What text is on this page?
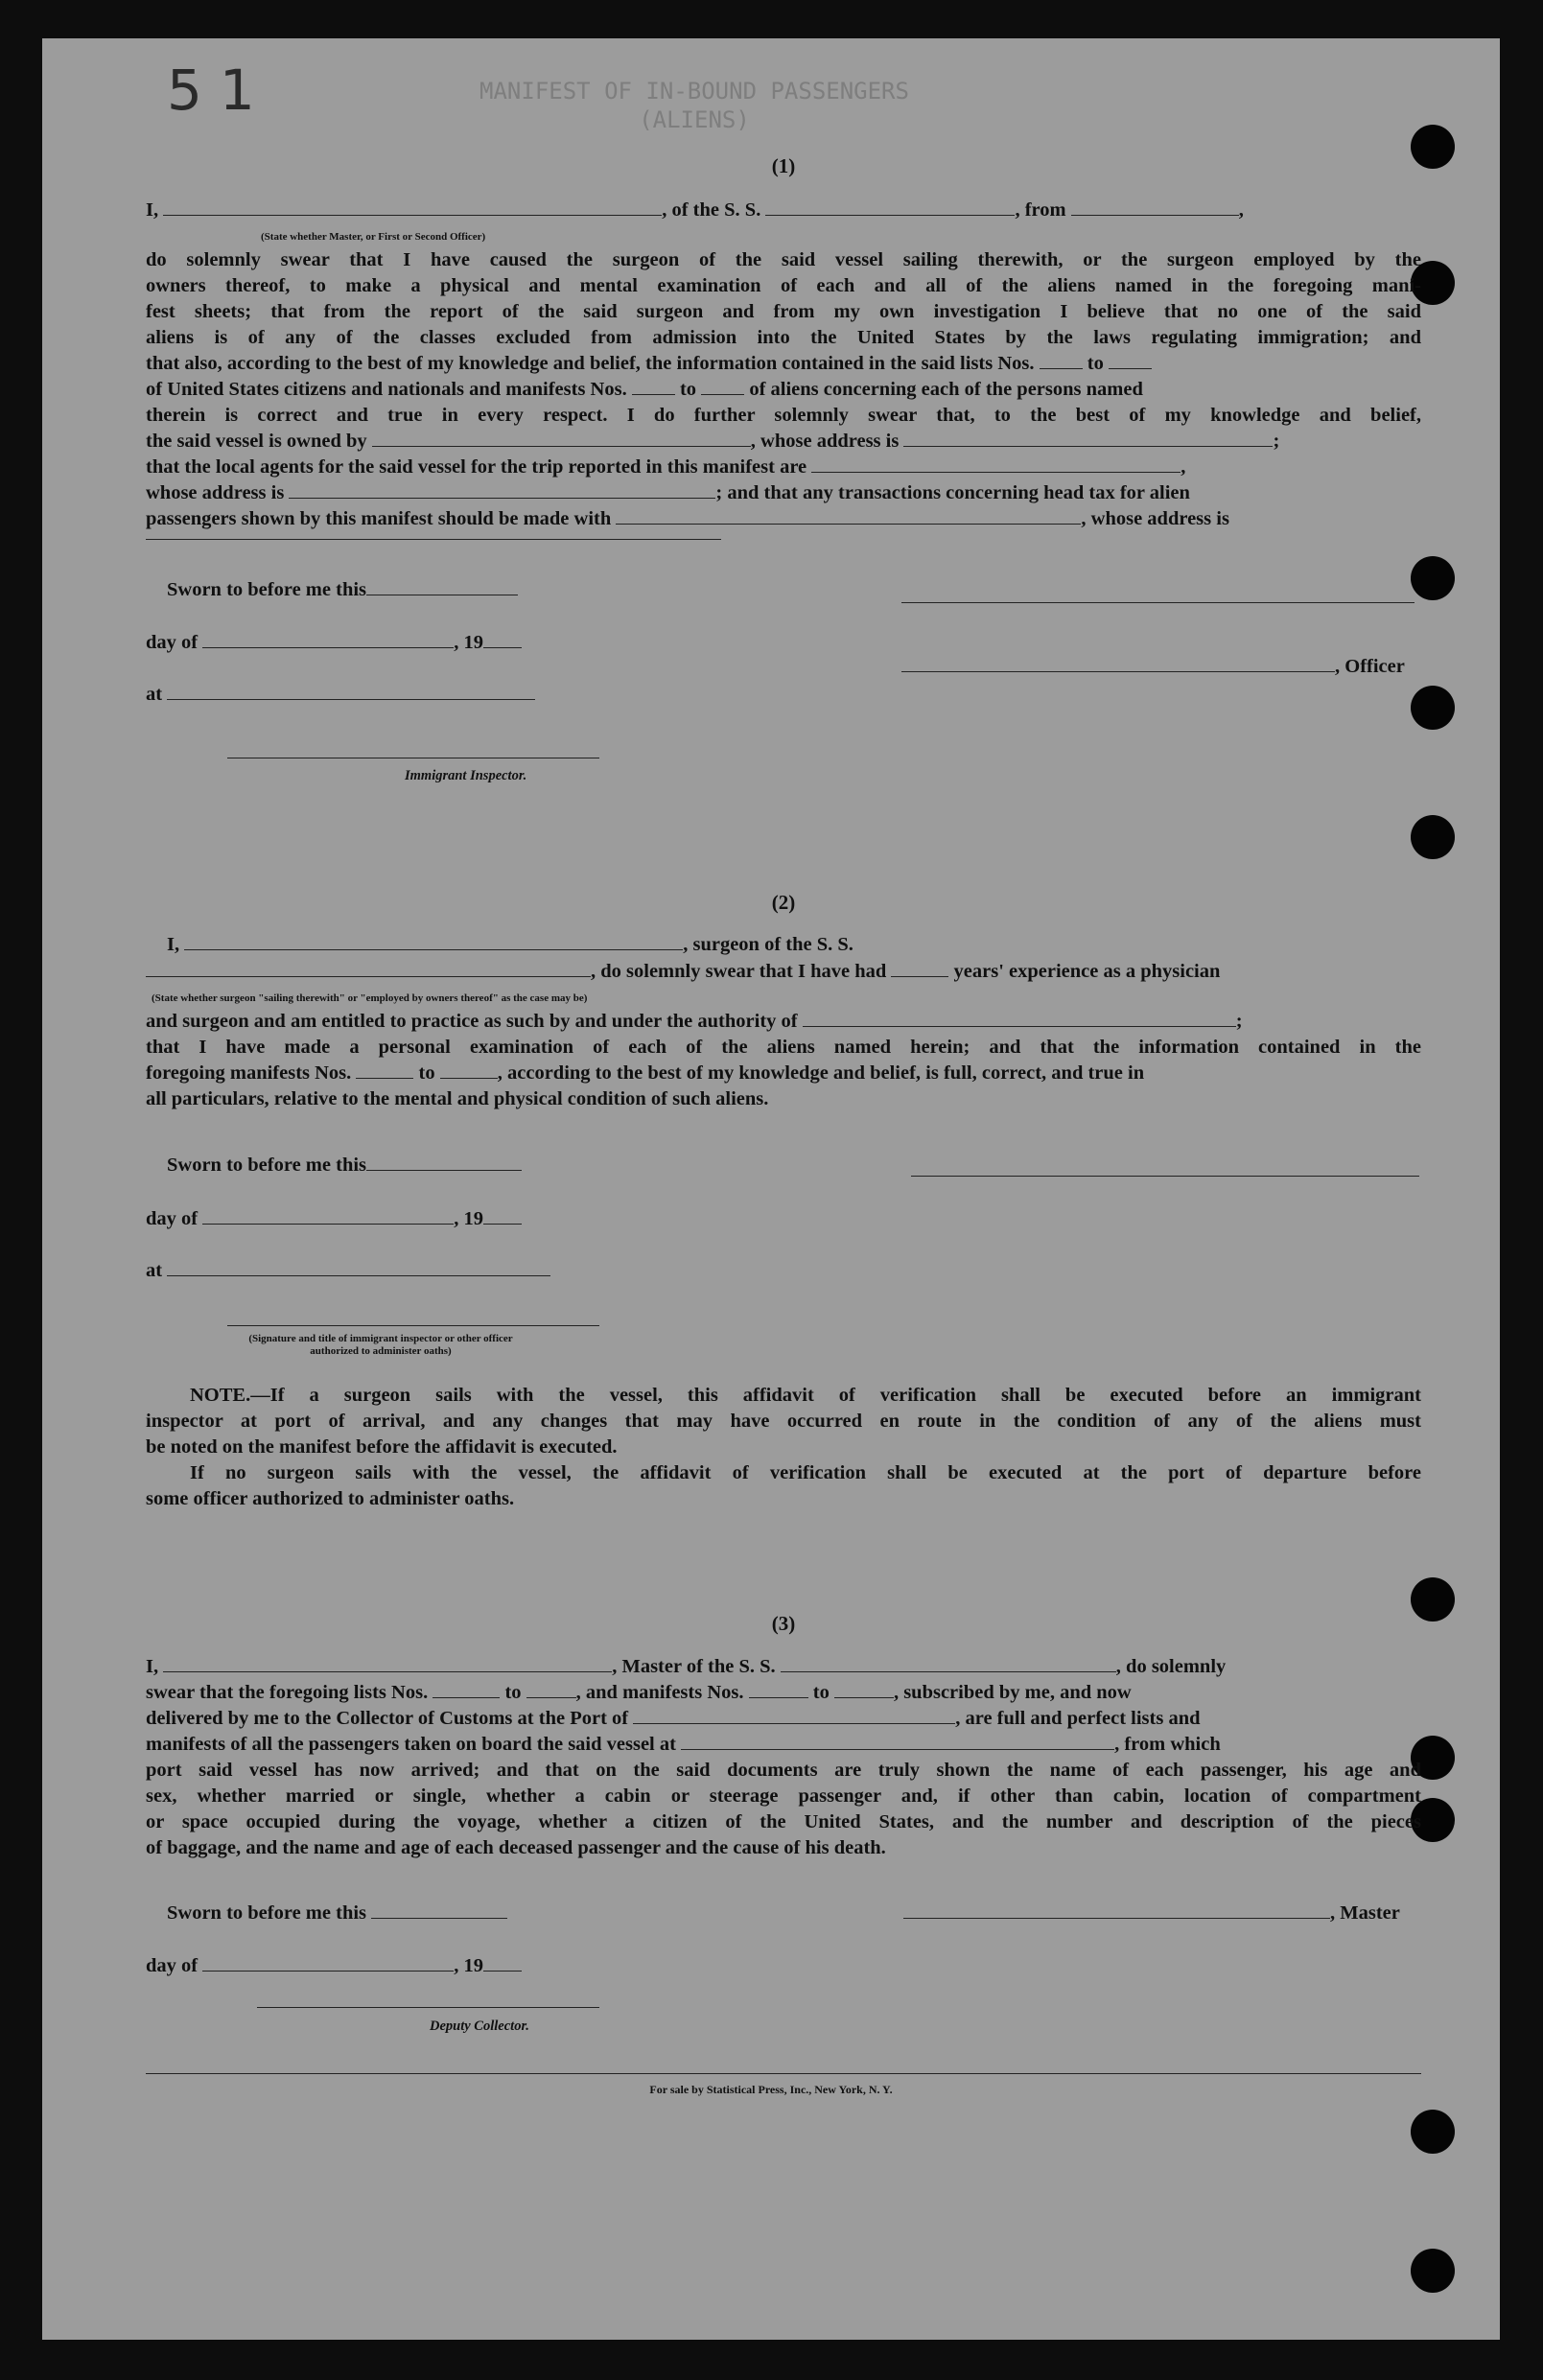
51	MANIFEST OF IN-BOUND PASSENGERS (ALIENS)
(1)
I,	, of the S. S.	, from	,
(State whether Master, or First or Second Officer)
do solemnly swear that I have caused the surgeon of the said vessel sailing therewith, or the surgeon employed by the
owners thereof, to make a physical and mental examination of each and all of the aliens named in the foregoing mani-
fest sheets; that from the report of the said surgeon and from my own investigation I believe that no one of the said
aliens is of any of the classes excluded from admission into the United States by the laws regulating immigration; and
that also, according to the best of my knowledge and belief, the information contained in the said lists Nos.	to
of United States citizens and nationals and manifests Nos.	to	of aliens concerning each of the persons named
therein is correct and true in every respect. I do further solemnly swear that, to the best of my knowledge and belief,
the said vessel is owned by	, whose address is	;
that the local agents for the said vessel for the trip reported in this manifest are	,
whose address is	; and that any transactions concerning head tax for alien
passengers shown by this manifest should be made with	, whose address is
Sworn to before me this
day of	, 19
, Officer
at
Immigrant Inspector.
(2)
I,	, surgeon of the S. S.
, do solemnly swear that I have had	years' experience as a physician
(State whether surgeon "sailing therewith" or "employed by owners thereof" as the case may be)
and surgeon and am entitled to practice as such by and under the authority of	;
that I have made a personal examination of each of the aliens named herein; and that the information contained in the
foregoing manifests Nos.	to	, according to the best of my knowledge and belief, is full, correct, and true in
all particulars, relative to the mental and physical condition of such aliens.
Sworn to before me this
day of	, 19
at
(Signature and title of immigrant inspector or other officer authorized to administer oaths)
NOTE.—If a surgeon sails with the vessel, this affidavit of verification shall be executed before an immigrant
inspector at port of arrival, and any changes that may have occurred en route in the condition of any of the aliens must
be noted on the manifest before the affidavit is executed.
If no surgeon sails with the vessel, the affidavit of verification shall be executed at the port of departure before
some officer authorized to administer oaths.
(3)
I,	, Master of the S. S.	, do solemnly
swear that the foregoing lists Nos.	to	, and manifests Nos.	to	, subscribed by me, and now
delivered by me to the Collector of Customs at the Port of	, are full and perfect lists and
manifests of all the passengers taken on board the said vessel at	, from which
port said vessel has now arrived; and that on the said documents are truly shown the name of each passenger, his age and
sex, whether married or single, whether a cabin or steerage passenger and, if other than cabin, location of compartment
or space occupied during the voyage, whether a citizen of the United States, and the number and description of the pieces
of baggage, and the name and age of each deceased passenger and the cause of his death.
Sworn to before me this	, Master
day of	, 19
Deputy Collector.
For sale by Statistical Press, Inc., New York, N. Y.
